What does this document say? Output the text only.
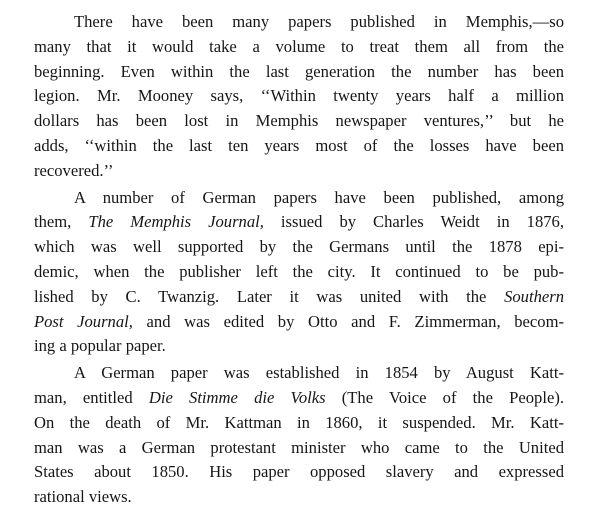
There have been many papers published in Memphis,—so
many that it would take a volume to treat them all from the
beginning. Even within the last generation the number has been
legion. Mr. Mooney says, ‘‘Within twenty years half a million
dollars has been lost in Memphis newspaper ventures,’’ but he
adds, ‘‘within the last ten years most of the losses have been
recovered.’’
A number of German papers have been published, among
them, The Memphis Journal, issued by Charles Weidt in 1876,
which was well supported by the Germans until the 1878 epi-
demic, when the publisher left the city. It continued to be pub-
lished by C. Twanzig. Later it was united with the Southern
Post Journal, and was edited by Otto and F. Zimmerman, becom-
ing a popular paper.
A German paper was established in 1854 by August Katt-
man, entitled Die Stimme die Volks (The Voice of the People).
On the death of Mr. Kattman in 1860, it suspended. Mr. Katt-
man was a German protestant minister who came to the United
States about 1850. His paper opposed slavery and expressed
rational views.
